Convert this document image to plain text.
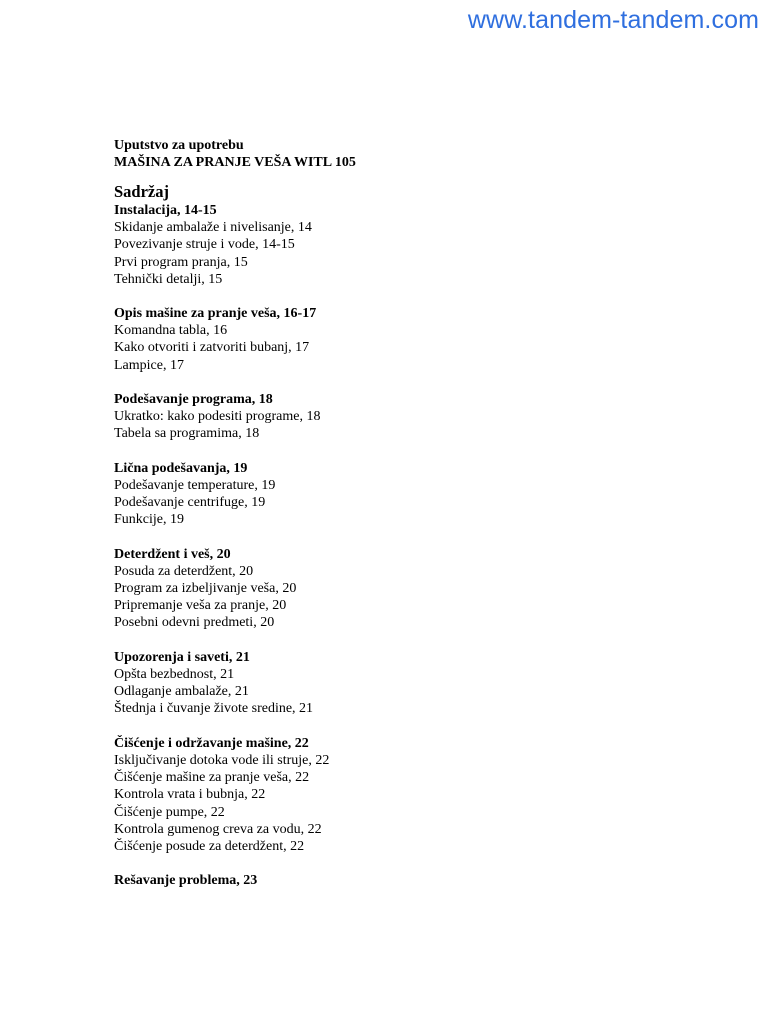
www.tandem-tandem.com
Uputstvo za upotrebu
MAŠINA ZA PRANJE VEŠA WITL 105
Sadržaj
Instalacija, 14-15
Skidanje ambalaže i nivelisanje, 14
Povezivanje struje i vode, 14-15
Prvi program pranja, 15
Tehnički detalji, 15
Opis mašine za pranje veša, 16-17
Komandna tabla, 16
Kako otvoriti i zatvoriti bubanj, 17
Lampice, 17
Podešavanje programa, 18
Ukratko: kako podesiti programe, 18
Tabela sa programima, 18
Lična podešavanja, 19
Podešavanje temperature, 19
Podešavanje centrifuge, 19
Funkcije, 19
Deterdžent i veš, 20
Posuda za deterdžent, 20
Program za izbeljivanje veša, 20
Pripremanje veša za pranje, 20
Posebni odevni predmeti, 20
Upozorenja i saveti, 21
Opšta bezbednost, 21
Odlaganje ambalaže, 21
Štednja i čuvanje živote sredine, 21
Čišćenje i održavanje mašine, 22
Isključivanje dotoka vode ili struje, 22
Čišćenje mašine za pranje veša, 22
Kontrola vrata i bubnja, 22
Čišćenje pumpe, 22
Kontrola gumenog creva za vodu, 22
Čišćenje posude za deterdžent, 22
Rešavanje problema, 23
